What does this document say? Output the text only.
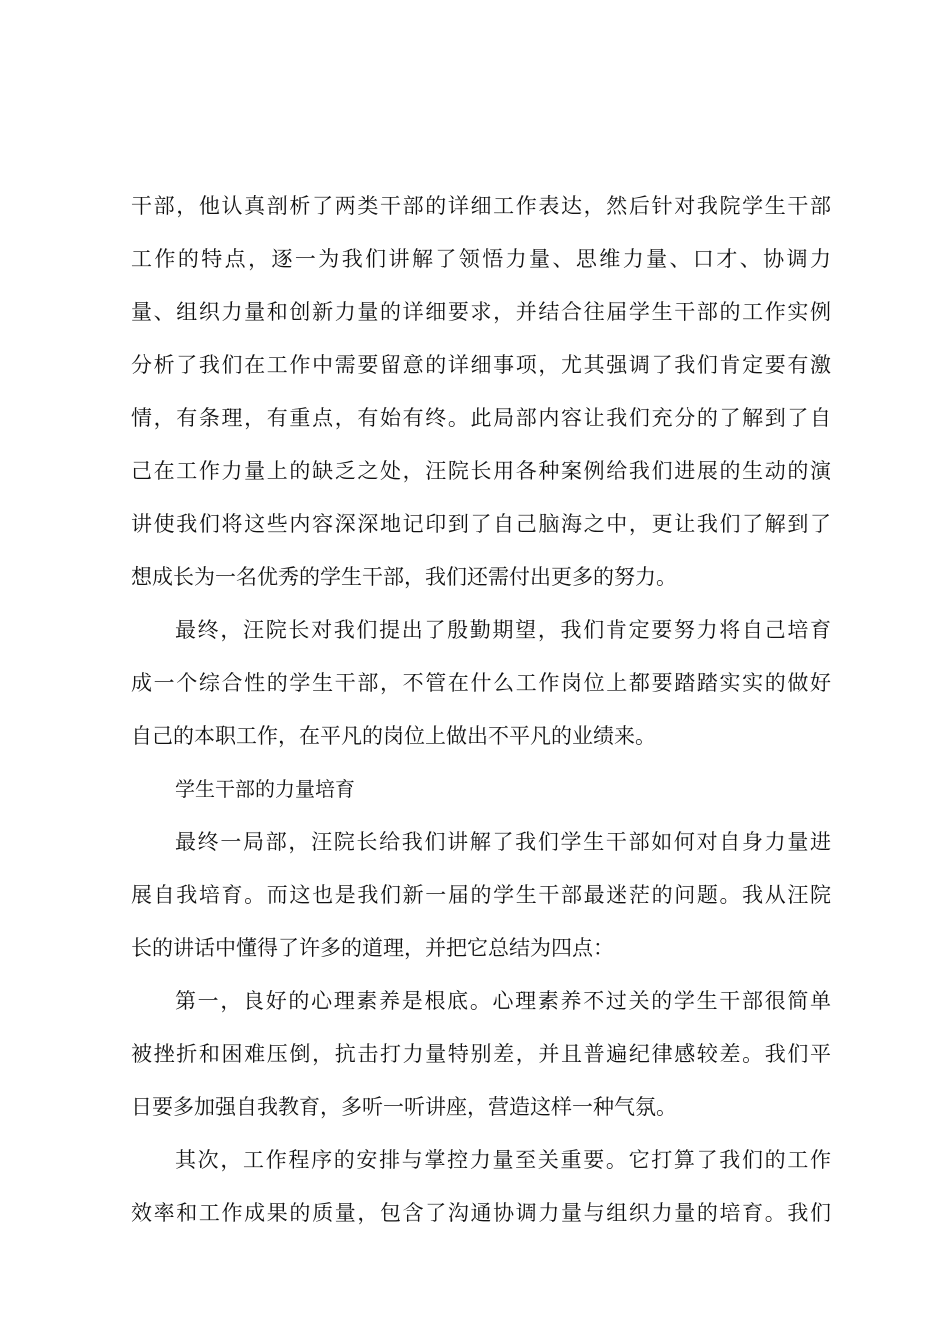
干部，他认真剖析了两类干部的详细工作表达，然后针对我院学生干部
工作的特点，逐一为我们讲解了领悟力量、思维力量、口才、协调力
量、组织力量和创新力量的详细要求，并结合往届学生干部的工作实例
分析了我们在工作中需要留意的详细事项，尤其强调了我们肯定要有激
情，有条理，有重点，有始有终。此局部内容让我们充分的了解到了自
己在工作力量上的缺乏之处，汪院长用各种案例给我们进展的生动的演
讲使我们将这些内容深深地记印到了自己脑海之中，更让我们了解到了
想成长为一名优秀的学生干部，我们还需付出更多的努力。
最终，汪院长对我们提出了殷勤期望，我们肯定要努力将自己培育
成一个综合性的学生干部，不管在什么工作岗位上都要踏踏实实的做好
自己的本职工作，在平凡的岗位上做出不平凡的业绩来。
学生干部的力量培育
最终一局部，汪院长给我们讲解了我们学生干部如何对自身力量进
展自我培育。而这也是我们新一届的学生干部最迷茫的问题。我从汪院
长的讲话中懂得了许多的道理，并把它总结为四点：
第一，良好的心理素养是根底。心理素养不过关的学生干部很简单
被挫折和困难压倒，抗击打力量特别差，并且普遍纪律感较差。我们平
日要多加强自我教育，多听一听讲座，营造这样一种气氛。
其次，工作程序的安排与掌控力量至关重要。它打算了我们的工作
效率和工作成果的质量，包含了沟通协调力量与组织力量的培育。我们
